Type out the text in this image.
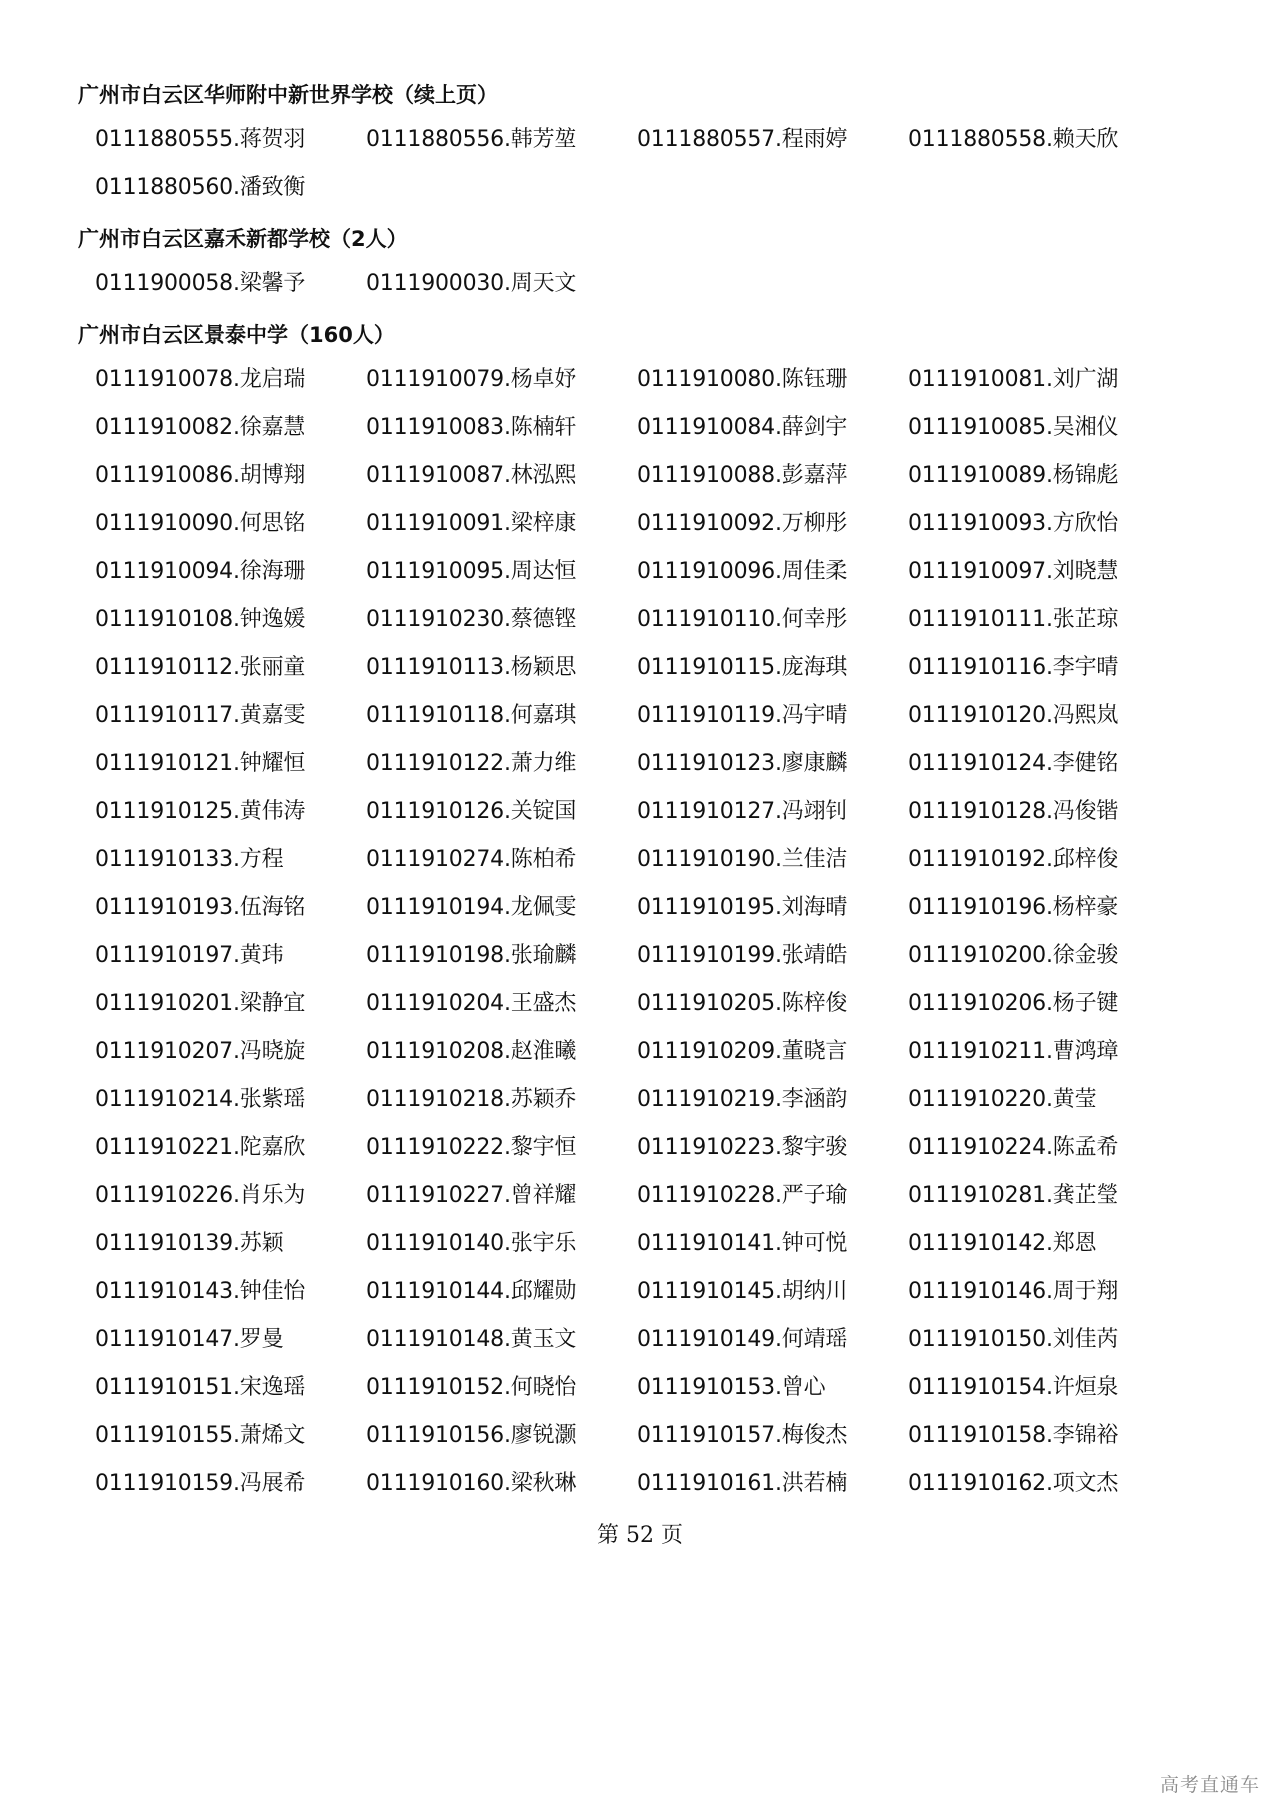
广州市白云区华师附中新世界学校（续上页）
0111880555.蒋贺羽	0111880556.韩芳堃	0111880557.程雨婷	0111880558.赖天欣
0111880560.潘致衡
广州市白云区嘉禾新都学校（2人）
0111900058.梁馨予	0111900030.周天文
广州市白云区景泰中学（160人）
0111910078.龙启瑞	0111910079.杨卓妤	0111910080.陈钰珊	0111910081.刘广湖
0111910082.徐嘉慧	0111910083.陈楠轩	0111910084.薛剑宇	0111910085.吴湘仪
0111910086.胡博翔	0111910087.林泓熙	0111910088.彭嘉萍	0111910089.杨锦彪
0111910090.何思铭	0111910091.梁梓康	0111910092.万柳彤	0111910093.方欣怡
0111910094.徐海珊	0111910095.周达恒	0111910096.周佳柔	0111910097.刘晓慧
0111910108.钟逸媛	0111910230.蔡德铿	0111910110.何幸彤	0111910111.张芷琼
0111910112.张丽童	0111910113.杨颖思	0111910115.庞海琪	0111910116.李宇晴
0111910117.黄嘉雯	0111910118.何嘉琪	0111910119.冯宇晴	0111910120.冯熙岚
0111910121.钟耀恒	0111910122.萧力维	0111910123.廖康麟	0111910124.李健铭
0111910125.黄伟涛	0111910126.关锭国	0111910127.冯翊钊	0111910128.冯俊锴
0111910133.方程	0111910274.陈柏希	0111910190.兰佳洁	0111910192.邱梓俊
0111910193.伍海铭	0111910194.龙佩雯	0111910195.刘海晴	0111910196.杨梓豪
0111910197.黄玮	0111910198.张瑜麟	0111910199.张靖皓	0111910200.徐金骏
0111910201.梁静宜	0111910204.王盛杰	0111910205.陈梓俊	0111910206.杨子键
0111910207.冯晓旋	0111910208.赵淮曦	0111910209.董晓言	0111910211.曹鸿璋
0111910214.张紫瑶	0111910218.苏颖乔	0111910219.李涵韵	0111910220.黄莹
0111910221.陀嘉欣	0111910222.黎宇恒	0111910223.黎宇骏	0111910224.陈孟希
0111910226.肖乐为	0111910227.曾祥耀	0111910228.严子瑜	0111910281.龚芷瑩
0111910139.苏颖	0111910140.张宇乐	0111910141.钟可悦	0111910142.郑恩
0111910143.钟佳怡	0111910144.邱耀勋	0111910145.胡纳川	0111910146.周于翔
0111910147.罗曼	0111910148.黄玉文	0111910149.何靖瑶	0111910150.刘佳芮
0111910151.宋逸瑶	0111910152.何晓怡	0111910153.曾心	0111910154.许烜泉
0111910155.萧烯文	0111910156.廖锐灏	0111910157.梅俊杰	0111910158.李锦裕
0111910159.冯展希	0111910160.梁秋琳	0111910161.洪若楠	0111910162.项文杰
第 52 页
高考直通车
